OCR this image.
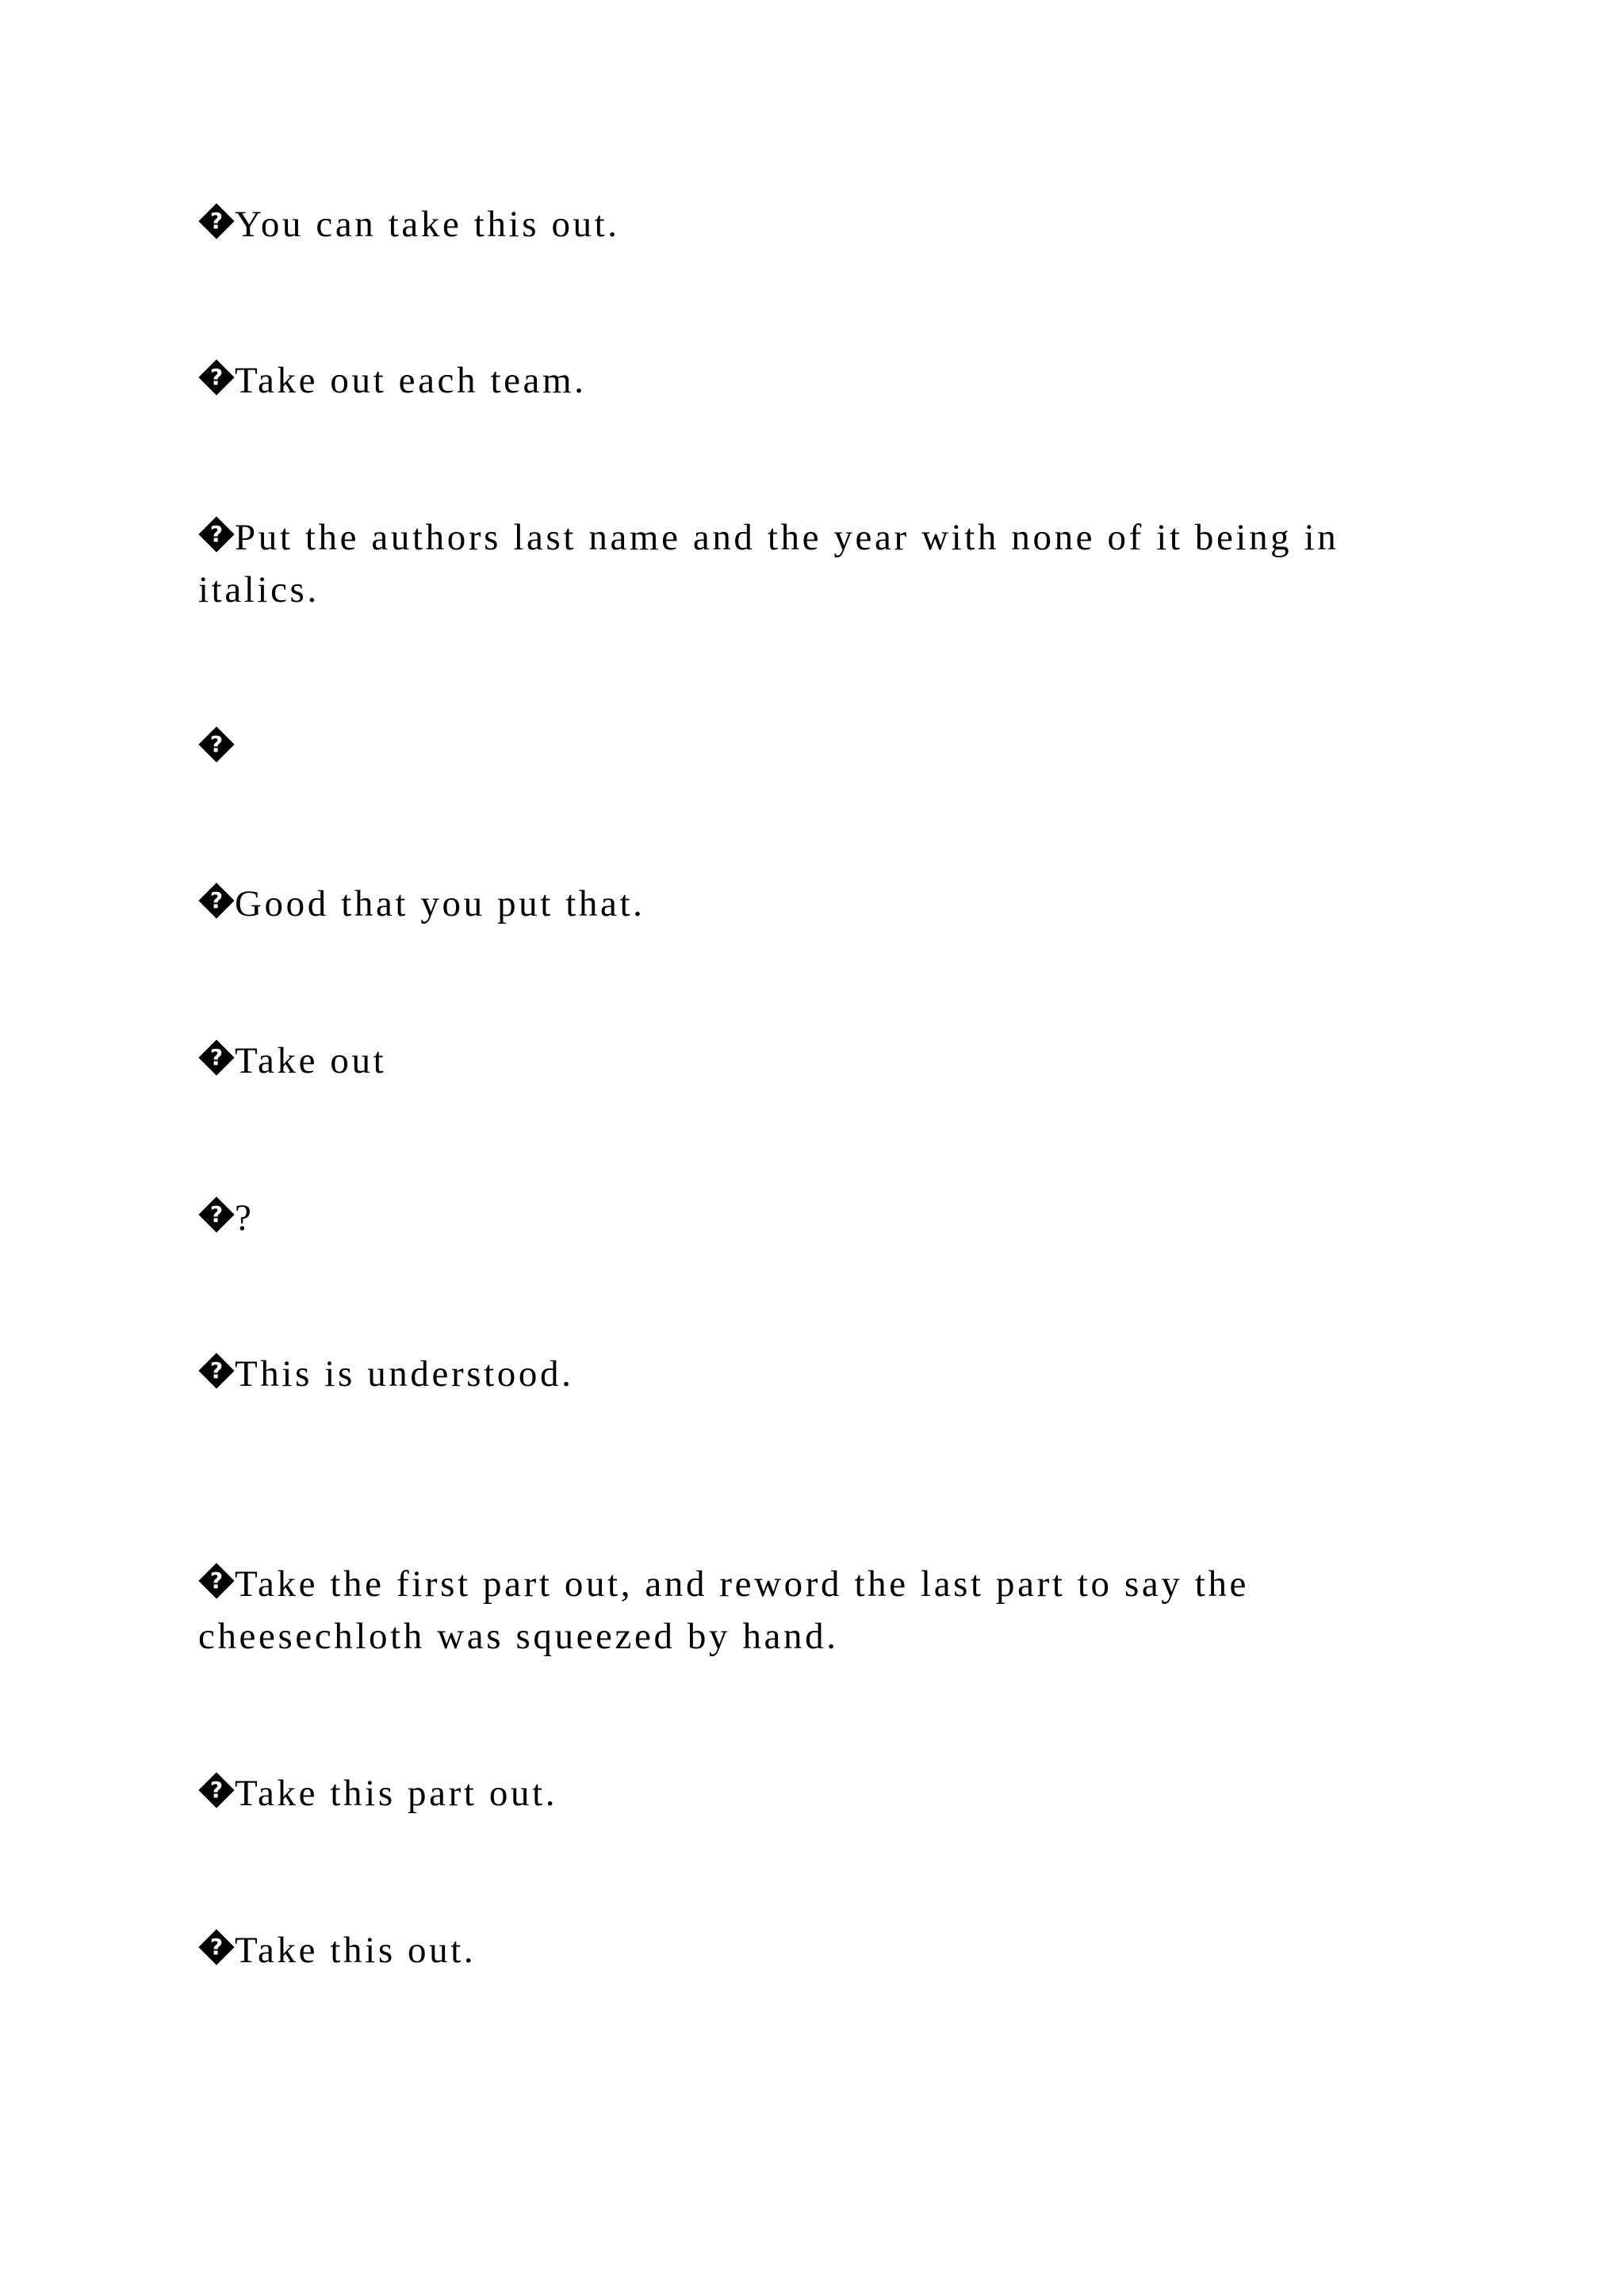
? You can take this out.

? Take out each team.

? Put the authors last name and the year with none of it being in italics.

?

? Good that you put that.

? Take out

? ?

? This is understood.

? Take the first part out, and reword the last part to say the cheesechloth was squeezed by hand.

? Take this part out.

? Take this out.
